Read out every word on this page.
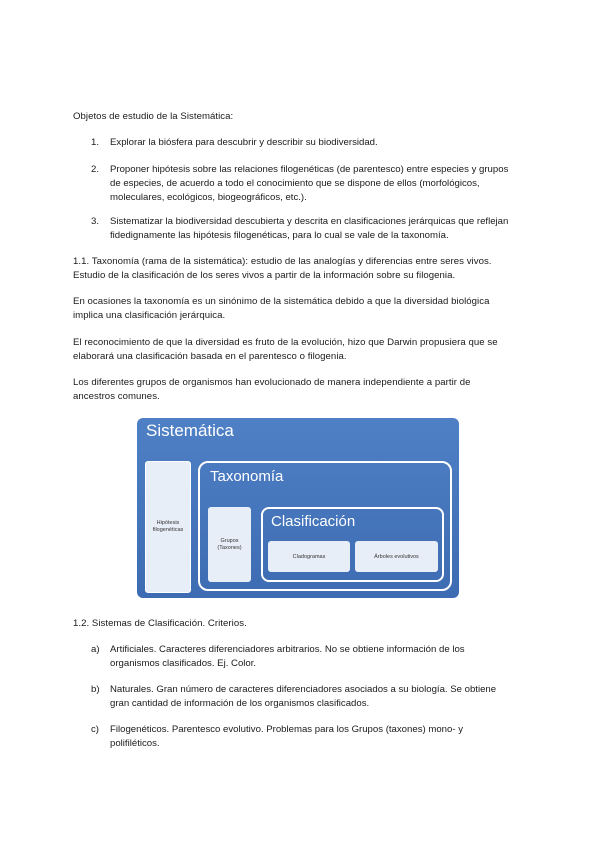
Objetos de estudio de la Sistemática:
1. Explorar la biósfera para descubrir y describir su biodiversidad.
2. Proponer hipótesis sobre las relaciones filogenéticas (de parentesco) entre especies y grupos
de especies, de acuerdo a todo el conocimiento que se dispone de ellos (morfológicos,
moleculares, ecológicos, biogeográficos, etc.).
3. Sistematizar la biodiversidad descubierta y descrita en clasificaciones jerárquicas que reflejan
fidedignamente las hipótesis filogenéticas, para lo cual se vale de la taxonomía.
1.1. Taxonomía (rama de la sistemática): estudio de las analogías y diferencias entre seres vivos.
Estudio de la clasificación de los seres vivos a partir de la información sobre su filogenia.
En ocasiones la taxonomía es un sinónimo de la sistemática debido a que la diversidad biológica
implica una clasificación jerárquica.
El reconocimiento de que la diversidad es fruto de la evolución, hizo que Darwin propusiera que se
elaborará una clasificación basada en el parentesco o filogenia.
Los diferentes grupos de organismos han evolucionado de manera independiente a partir de
ancestros comunes.
Sistemática
Hipótesis
filogenéticas
Taxonomía
Grupos
(Taxones)
Clasificación
Cladogramas	Árboles evolutivos
1.2. Sistemas de Clasificación. Criterios.
a) Artificiales. Caracteres diferenciadores arbitrarios. No se obtiene información de los
organismos clasificados. Ej. Color.
b) Naturales. Gran número de caracteres diferenciadores asociados a su biología. Se obtiene
gran cantidad de información de los organismos clasificados.
c) Filogenéticos. Parentesco evolutivo. Problemas para los Grupos (taxones) mono- y
polifiléticos.
